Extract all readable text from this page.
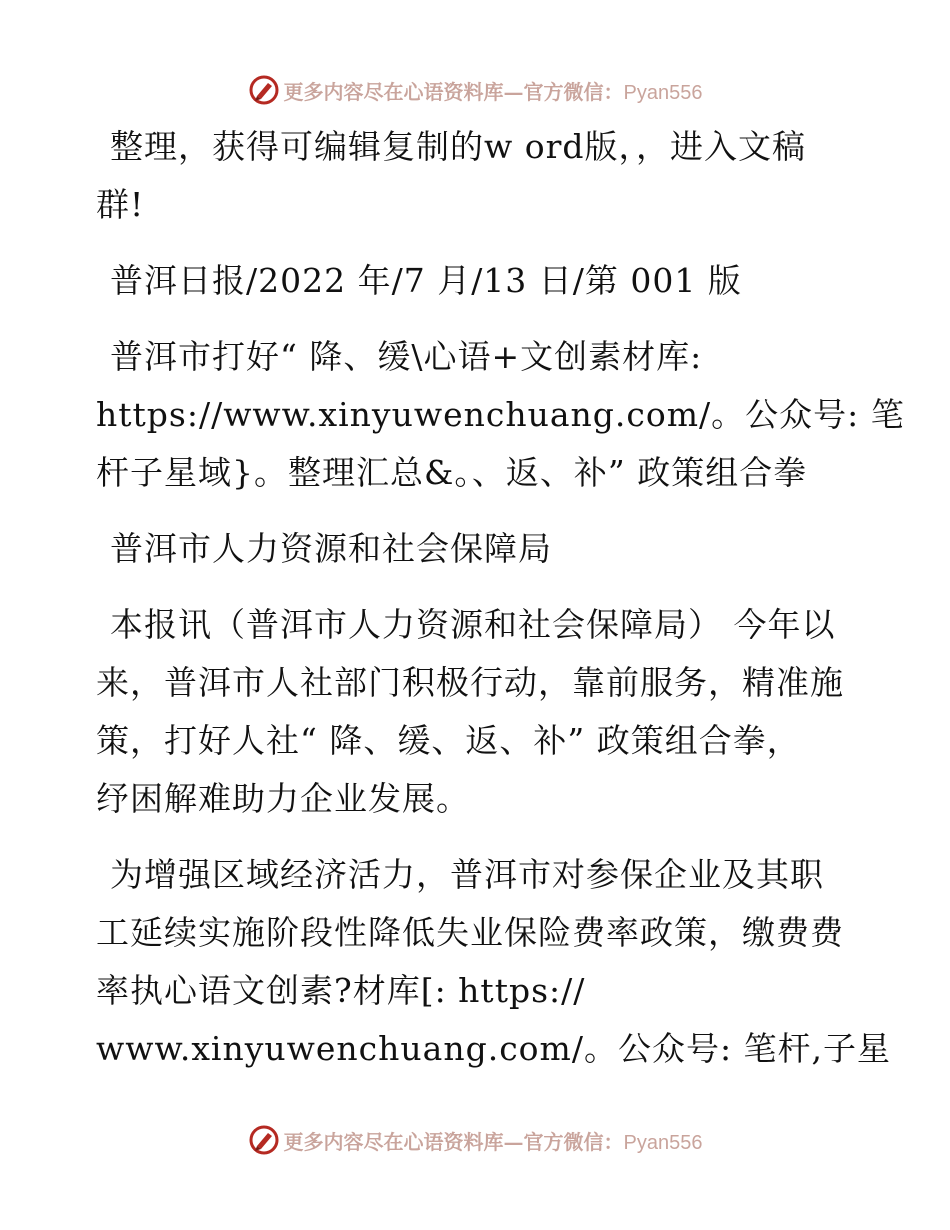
更多内容尽在心语资料库—官方微信：Pyan556
整理，获得可编辑复制的w ord版，，进入文稿
群!
普洱日报/2022 年/7 月/13 日/第 001 版
普洱市打好“ 降、缓\心语+文创素材库:
https://www.xinyuwenchuang.com/。公众号: 笔
杆子星域}。整理汇总&。、返、补” 政策组合拳
普洱市人力资源和社会保障局
本报讯（普洱市人力资源和社会保障局） 今年以
来，普洱市人社部门积极行动，靠前服务，精准施
策，打好人社“ 降、缓、返、补” 政策组合拳，
纾困解难助力企业发展。
为增强区域经济活力，普洱市对参保企业及其职
工延续实施阶段性降低失业保险费率政策，缴费费
率执心语文创素?材库[: https://
www.xinyuwenchuang.com/。公众号: 笔杆,子星
更多内容尽在心语资料库—官方微信：Pyan556
